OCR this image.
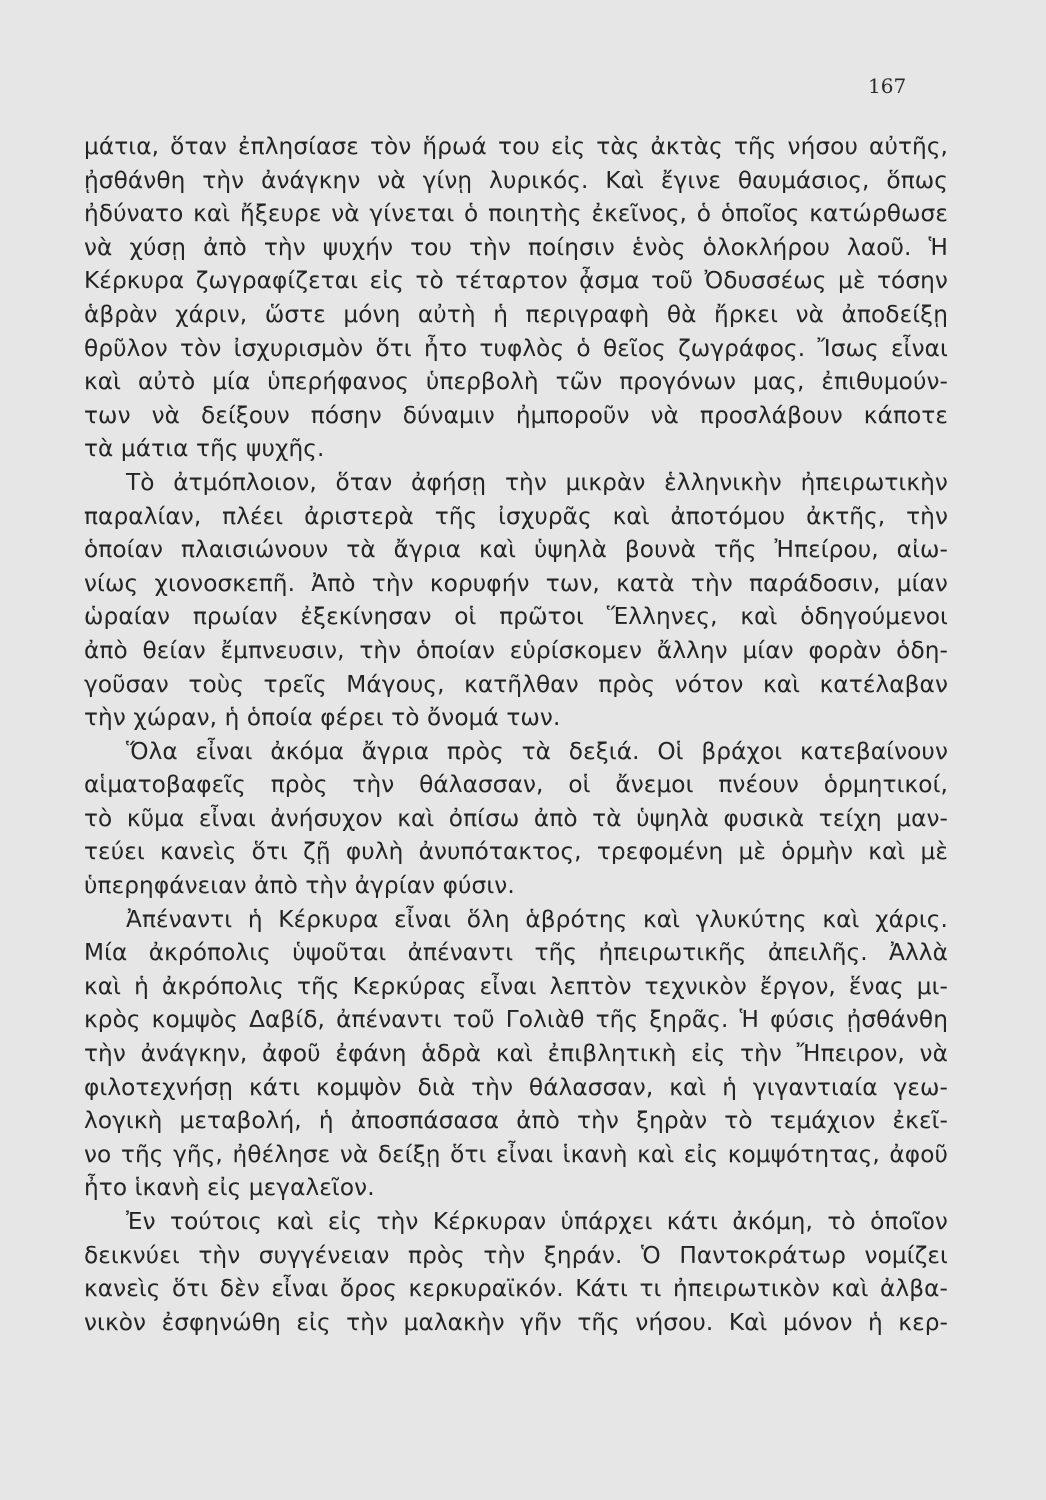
167
μάτια, ὅταν ἐπλησίασε τὸν ἥρωά του εἰς τὰς ἀκτὰς τῆς νήσου αὐτῆς,
ᾐσθάνθη τὴν ἀνάγκην νὰ γίνῃ λυρικός. Καὶ ἔγινε θαυμάσιος, ὅπως
ἠδύνατο καὶ ἤξευρε νὰ γίνεται ὁ ποιητὴς ἐκεῖνος, ὁ ὁποῖος κατώρθωσε
νὰ χύσῃ ἀπὸ τὴν ψυχήν του τὴν ποίησιν ἑνὸς ὁλοκλήρου λαοῦ. Ἡ
Κέρκυρα ζωγραφίζεται εἰς τὸ τέταρτον ᾆσμα τοῦ Ὀδυσσέως μὲ τόσην
ἁβρὰν χάριν, ὥστε μόνη αὐτὴ ἡ περιγραφὴ θὰ ἤρκει νὰ ἀποδείξῃ
θρῦλον τὸν ἰσχυρισμὸν ὅτι ἦτο τυφλὸς ὁ θεῖος ζωγράφος. Ἴσως εἶναι
καὶ αὐτὸ μία ὑπερήφανος ὑπερβολὴ τῶν προγόνων μας, ἐπιθυμούν-
των νὰ δείξουν πόσην δύναμιν ἠμποροῦν νὰ προσλάβουν κάποτε
τὰ μάτια τῆς ψυχῆς.
Τὸ ἀτμόπλοιον, ὅταν ἀφήσῃ τὴν μικρὰν ἑλληνικὴν ἠπειρωτικὴν
παραλίαν, πλέει ἀριστερὰ τῆς ἰσχυρᾶς καὶ ἀποτόμου ἀκτῆς, τὴν
ὁποίαν πλαισιώνουν τὰ ἄγρια καὶ ὑψηλὰ βουνὰ τῆς Ἠπείρου, αἰω-
νίως χιονοσκεπῆ. Ἀπὸ τὴν κορυφήν των, κατὰ τὴν παράδοσιν, μίαν
ὡραίαν πρωίαν ἐξεκίνησαν οἱ πρῶτοι Ἕλληνες, καὶ ὁδηγούμενοι
ἀπὸ θείαν ἔμπνευσιν, τὴν ὁποίαν εὑρίσκομεν ἄλλην μίαν φορὰν ὁδη-
γοῦσαν τοὺς τρεῖς Μάγους, κατῆλθαν πρὸς νότον καὶ κατέλαβαν
τὴν χώραν, ἡ ὁποία φέρει τὸ ὄνομά των.
Ὅλα εἶναι ἀκόμα ἄγρια πρὸς τὰ δεξιά. Οἱ βράχοι κατεβαίνουν
αἱματοβαφεῖς πρὸς τὴν θάλασσαν, οἱ ἄνεμοι πνέουν ὁρμητικοί,
τὸ κῦμα εἶναι ἀνήσυχον καὶ ὀπίσω ἀπὸ τὰ ὑψηλὰ φυσικὰ τείχη μαν-
τεύει κανεὶς ὅτι ζῇ φυλὴ ἀνυπότακτος, τρεφομένη μὲ ὁρμὴν καὶ μὲ
ὑπερηφάνειαν ἀπὸ τὴν ἀγρίαν φύσιν.
Ἀπέναντι ἡ Κέρκυρα εἶναι ὅλη ἁβρότης καὶ γλυκύτης καὶ χάρις.
Μία ἀκρόπολις ὑψοῦται ἀπέναντι τῆς ἠπειρωτικῆς ἀπειλῆς. Ἀλλὰ
καὶ ἡ ἀκρόπολις τῆς Κερκύρας εἶναι λεπτὸν τεχνικὸν ἔργον, ἕνας μι-
κρὸς κομψὸς Δαβίδ, ἀπέναντι τοῦ Γολιὰθ τῆς ξηρᾶς. Ἡ φύσις ᾐσθάνθη
τὴν ἀνάγκην, ἀφοῦ ἐφάνη ἁδρὰ καὶ ἐπιβλητικὴ εἰς τὴν Ἤπειρον, νὰ
φιλοτεχνήσῃ κάτι κομψὸν διὰ τὴν θάλασσαν, καὶ ἡ γιγαντιαία γεω-
λογικὴ μεταβολή, ἡ ἀποσπάσασα ἀπὸ τὴν ξηρὰν τὸ τεμάχιον ἐκεῖ-
νο τῆς γῆς, ἠθέλησε νὰ δείξῃ ὅτι εἶναι ἱκανὴ καὶ εἰς κομψότητας, ἀφοῦ
ἦτο ἱκανὴ εἰς μεγαλεῖον.
Ἐν τούτοις καὶ εἰς τὴν Κέρκυραν ὑπάρχει κάτι ἀκόμη, τὸ ὁποῖον
δεικνύει τὴν συγγένειαν πρὸς τὴν ξηράν. Ὁ Παντοκράτωρ νομίζει
κανεὶς ὅτι δὲν εἶναι ὄρος κερκυραϊκόν. Κάτι τι ἠπειρωτικὸν καὶ ἀλβα-
νικὸν ἐσφηνώθη εἰς τὴν μαλακὴν γῆν τῆς νήσου. Καὶ μόνον ἡ κερ-
